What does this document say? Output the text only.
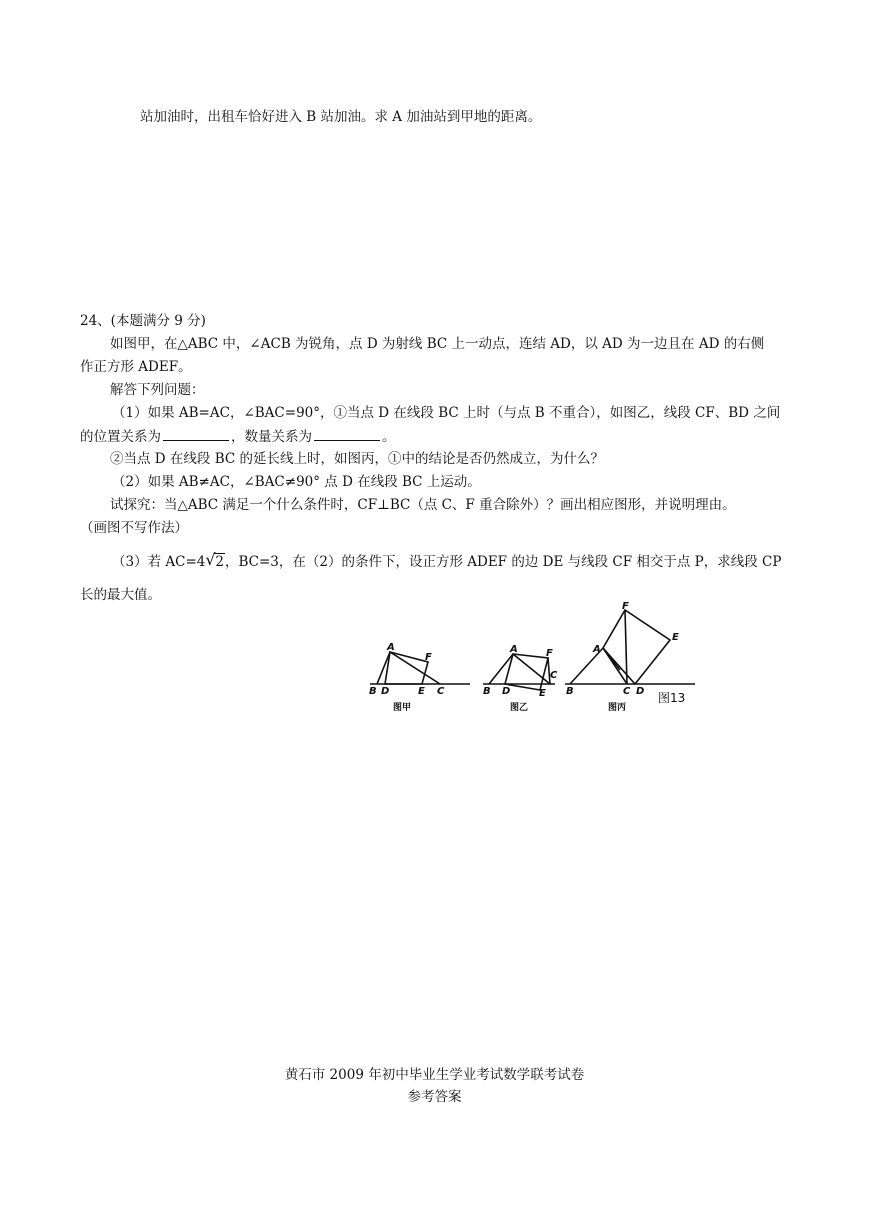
站加油时，出租车恰好进入 B 站加油。求 A 加油站到甲地的距离。
24、(本题满分 9 分)
如图甲，在△ABC 中，∠ACB 为锐角，点 D 为射线 BC 上一动点，连结 AD，以 AD 为一边且在 AD 的右侧
作正方形 ADEF。
解答下列问题：
（1）如果 AB=AC，∠BAC=90°，①当点 D 在线段 BC 上时（与点 B 不重合），如图乙，线段 CF、BD 之间
的位置关系为	，数量关系为	。
②当点 D 在线段 BC 的延长线上时，如图丙，①中的结论是否仍然成立，为什么？
（2）如果 AB≠AC，∠BAC≠90° 点 D 在线段 BC 上运动。
试探究：当△ABC 满足一个什么条件时，CF⊥BC（点 C、F 重合除外）？画出相应图形，并说明理由。
（画图不写作法）
（3）若 AC=4 √ 2，BC=3，在（2）的条件下，设正方形 ADEF 的边 DE 与线段 CF 相交于点 P，求线段 CP
长的最大值。
A
F
B D	E C
A	F
B D
C
E
F
E
A
B	C D
图甲	图乙	图丙
图13
黄石市 2009 年初中毕业生学业考试数学联考试卷
参考答案
